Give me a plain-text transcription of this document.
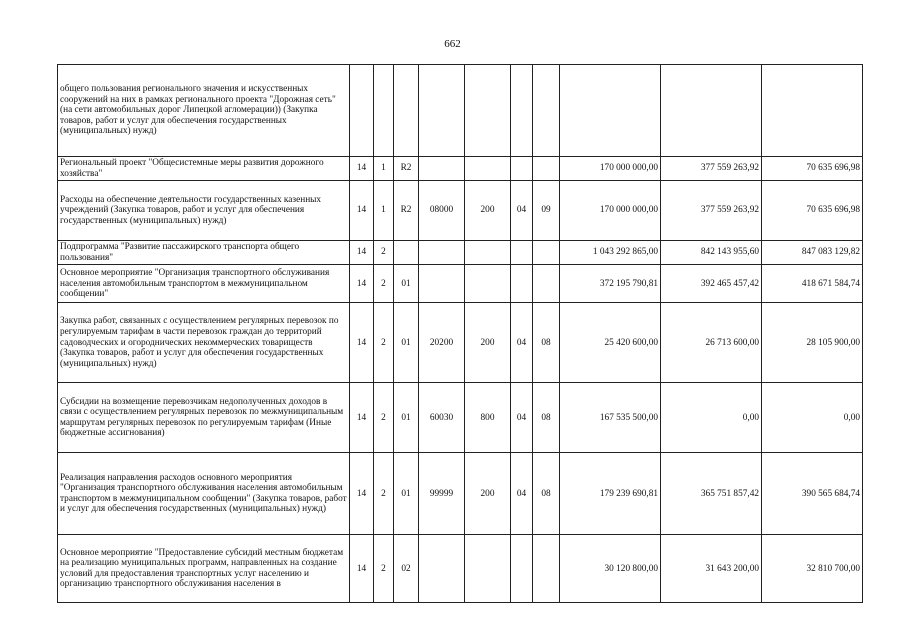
662
общего пользования регионального значения и искусственных сооружений на них в рамках регионального проекта "Дорожная сеть" (на сети автомобильных дорог Липецкой агломерации)) (Закупка товаров, работ и услуг для обеспечения государственных (муниципальных) нужд)										
Региональный проект "Общесистемные меры развития дорожного хозяйства"	14	1	R2					170 000 000,00	377 559 263,92	70 635 696,98
Расходы на обеспечение деятельности государственных казенных учреждений (Закупка товаров, работ и услуг для обеспечения государственных (муниципальных) нужд)	14	1	R2	08000	200	04	09	170 000 000,00	377 559 263,92	70 635 696,98
Подпрограмма "Развитие пассажирского транспорта общего пользования"	14	2						1 043 292 865,00	842 143 955,60	847 083 129,82
Основное мероприятие "Организация транспортного обслуживания населения автомобильным транспортом в межмуниципальном сообщении"	14	2	01					372 195 790,81	392 465 457,42	418 671 584,74
Закупка работ, связанных с осуществлением регулярных перевозок по регулируемым тарифам в части перевозок граждан до территорий садоводческих и огороднических некоммерческих товариществ (Закупка товаров, работ и услуг для обеспечения государственных (муниципальных) нужд)	14	2	01	20200	200	04	08	25 420 600,00	26 713 600,00	28 105 900,00
Субсидии на возмещение перевозчикам недополученных доходов в связи с осуществлением регулярных перевозок по межмуниципальным маршрутам регулярных перевозок по регулируемым тарифам (Иные бюджетные ассигнования)	14	2	01	60030	800	04	08	167 535 500,00	0,00	0,00
Реализация направления расходов основного мероприятия "Организация транспортного обслуживания населения автомобильным транспортом в межмуниципальном сообщении" (Закупка товаров, работ и услуг для обеспечения государственных (муниципальных) нужд)	14	2	01	99999	200	04	08	179 239 690,81	365 751 857,42	390 565 684,74
Основное мероприятие "Предоставление субсидий местным бюджетам на реализацию муниципальных программ, направленных на создание условий для предоставления транспортных услуг населению и организацию транспортного обслуживания населения в	14	2	02					30 120 800,00	31 643 200,00	32 810 700,00
